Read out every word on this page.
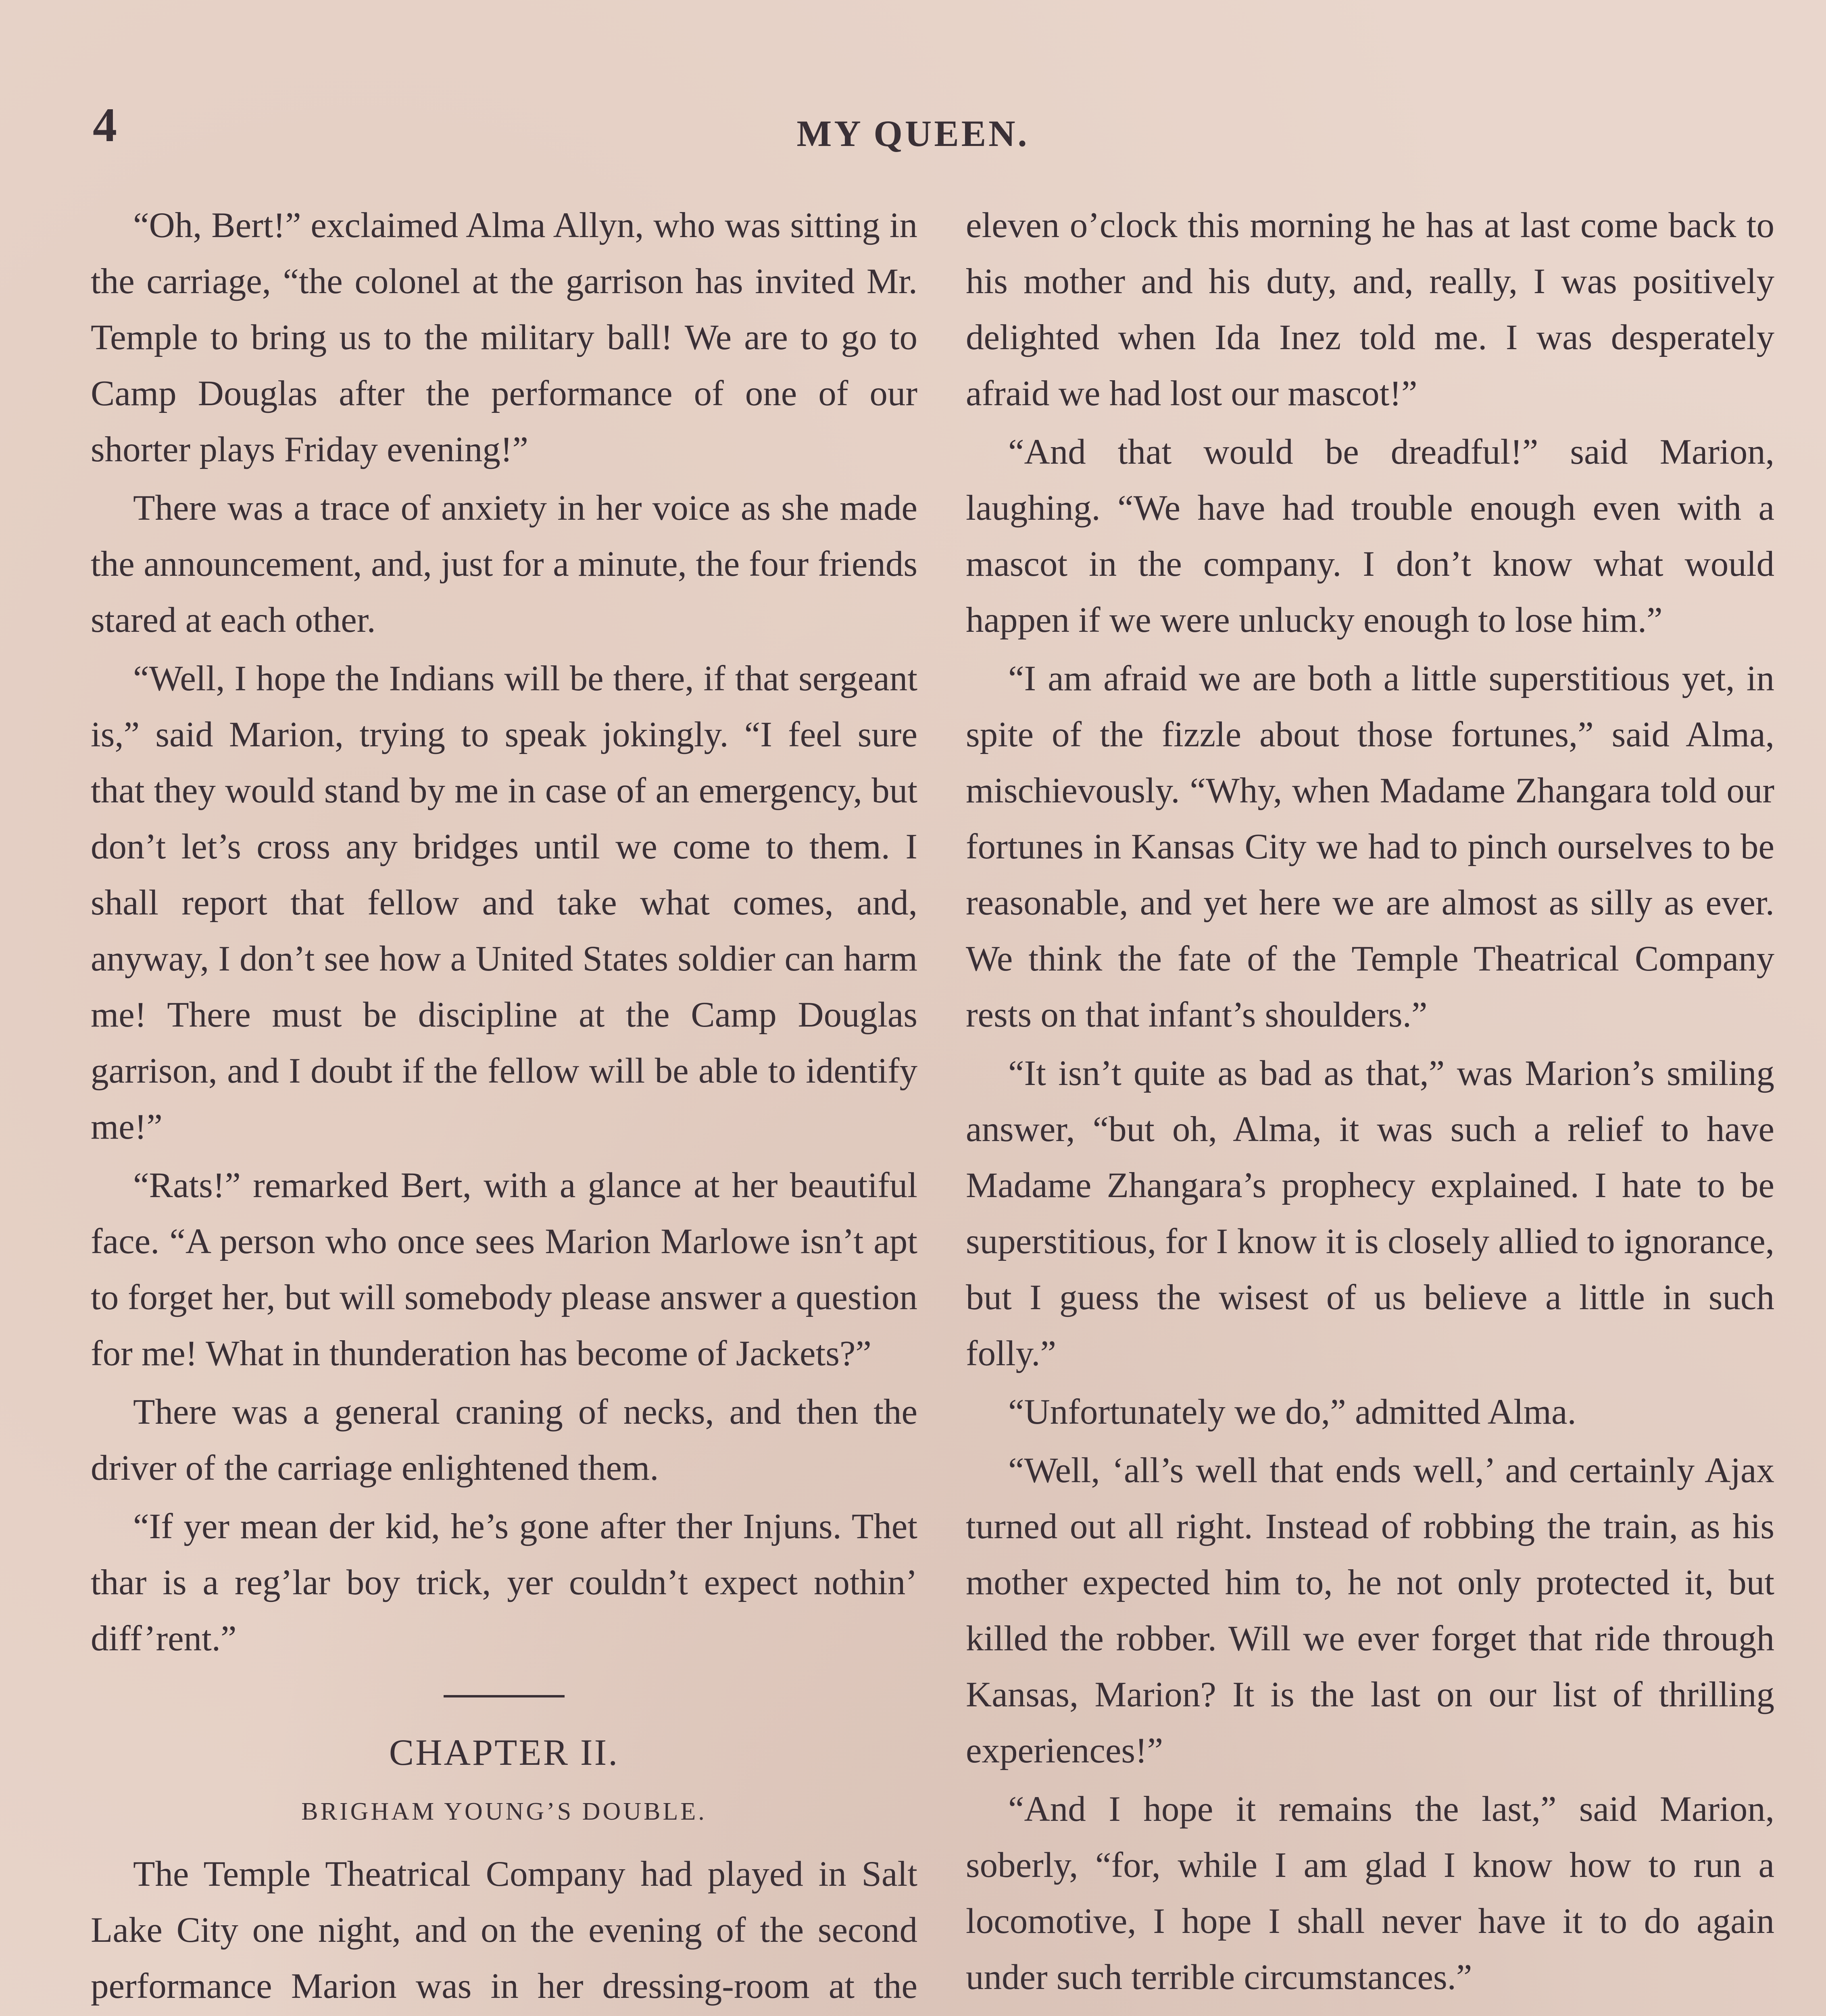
4	MY QUEEN.

“Oh, Bert!” exclaimed Alma Allyn, who was sitting in the carriage, “the colonel at the garrison has invited Mr. Temple to bring us to the military ball! We are to go to Camp Douglas after the performance of one of our shorter plays Friday evening!”

There was a trace of anxiety in her voice as she made the announcement, and, just for a minute, the four friends stared at each other.

“Well, I hope the Indians will be there, if that sergeant is,” said Marion, trying to speak jokingly. “I feel sure that they would stand by me in case of an emergency, but don’t let’s cross any bridges until we come to them. I shall report that fellow and take what comes, and, anyway, I don’t see how a United States soldier can harm me! There must be discipline at the Camp Douglas garrison, and I doubt if the fellow will be able to identify me!”

“Rats!” remarked Bert, with a glance at her beautiful face. “A person who once sees Marion Marlowe isn’t apt to forget her, but will somebody please answer a question for me! What in thunderation has become of Jackets?”

There was a general craning of necks, and then the driver of the carriage enlightened them.

“If yer mean der kid, he’s gone after ther Injuns. Thet thar is a reg’lar boy trick, yer couldn’t expect nothin’ diff’rent.”

CHAPTER II.
BRIGHAM YOUNG’S DOUBLE.

The Temple Theatrical Company had played in Salt Lake City one night, and on the evening of the second performance Marion was in her dressing-room at the

eleven o’clock this morning he has at last come back to his mother and his duty, and, really, I was positively delighted when Ida Inez told me. I was desperately afraid we had lost our mascot!”

“And that would be dreadful!” said Marion, laughing. “We have had trouble enough even with a mascot in the company. I don’t know what would happen if we were unlucky enough to lose him.”

“I am afraid we are both a little superstitious yet, in spite of the fizzle about those fortunes,” said Alma, mischievously. “Why, when Madame Zhangara told our fortunes in Kansas City we had to pinch ourselves to be reasonable, and yet here we are almost as silly as ever. We think the fate of the Temple Theatrical Company rests on that infant’s shoulders.”

“It isn’t quite as bad as that,” was Marion’s smiling answer, “but oh, Alma, it was such a relief to have Madame Zhangara’s prophecy explained. I hate to be superstitious, for I know it is closely allied to ignorance, but I guess the wisest of us believe a little in such folly.”

“Unfortunately we do,” admitted Alma.

“Well, ‘all’s well that ends well,’ and certainly Ajax turned out all right. Instead of robbing the train, as his mother expected him to, he not only protected it, but killed the robber. Will we ever forget that ride through Kansas, Marion? It is the last on our list of thrilling experiences!”

“And I hope it remains the last,” said Marion, soberly, “for, while I am glad I know how to run a locomotive, I hope I shall never have it to do again under such terrible circumstances.”
